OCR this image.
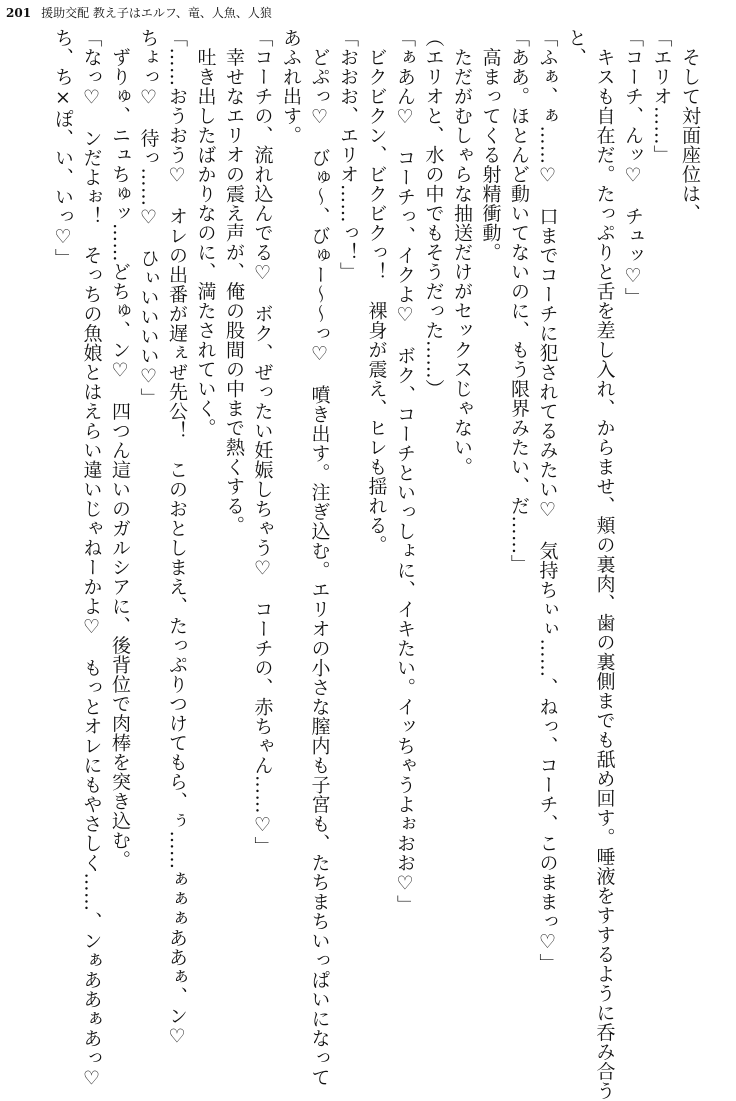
201 援助交配 教え子はエルフ、竜、人魚、人狼
　そして対面座位は、
「エリオ……」
「コーチ、んッ♡　チュッ♡」
　キスも自在だ。たっぷりと舌を差し入れ、からませ、頬の裏肉、歯の裏側までも舐め回す。唾液をすするように呑み合う
と、
「ふぁ、ぁ……♡　口までコーチに犯されてるみたい♡　気持ちぃぃ……、ねっ、コーチ、このままっ♡」
「ああ。ほとんど動いてないのに、もう限界みたい、だ……」
　高まってくる射精衝動。
　ただがむしゃらな抽送だけがセックスじゃない。
（エリオと、水の中でもそうだった……）
「ぁあん♡　コーチっ、イクよ♡　ボク、コーチといっしょに、イキたい。イッちゃうよぉおお♡」
　ビクビクン、ビクビクっ！　裸身が震え、ヒレも揺れる。
「おおお、エリオ……っ！」
　どぷっ♡　びゅ〜、びゅー〜〜っ♡　噴き出す。注ぎ込む。エリオの小さな膣内も子宮も、たちまちいっぱいになって
あふれ出す。
「コーチの、流れ込んでる♡　ボク、ぜったい妊娠しちゃう♡　コーチの、赤ちゃん……♡」
　幸せなエリオの震え声が、俺の股間の中まで熱くする。
　吐き出したばかりなのに、満たされていく。
「……おうおう♡　オレの出番が遅ぇぜ先公！　このおとしまえ、たっぷりつけてもら、ぅ……ぁぁぁああぁ、ン♡
ちょっ♡　待っ……♡　ひぃいいいい♡」
　ずりゅ、ニュちゅッ……どちゅ、ン♡　四つん這いのガルシアに、後背位で肉棒を突き込む。
「なっ♡　ンだよぉ！　そっちの魚娘とはえらい違いじゃねーかよ♡　もっとオレにもやさしく……、ンぁああぁあっ♡
ち、ち×ぽ、い、いっ♡」
